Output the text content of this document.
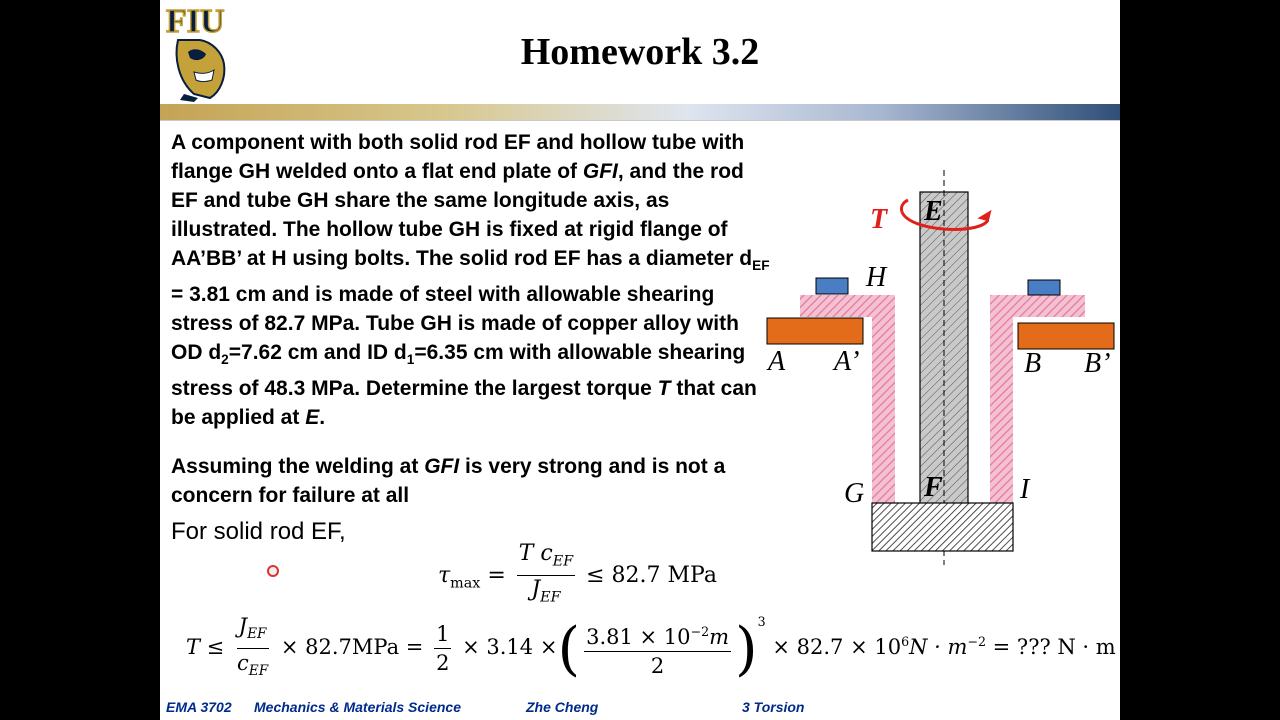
FIU
Homework 3.2

A component with both solid rod EF and hollow tube with flange GH welded onto a flat end plate of GFI, and the rod EF and tube GH share the same longitude axis, as illustrated. The hollow tube GH is fixed at rigid flange of AA’BB’ at H using bolts. The solid rod EF has a diameter $d_{EF} = 3.81$ cm and is made of steel with allowable shearing stress of 82.7 MPa. Tube GH is made of copper alloy with OD $d_2=7.62$ cm and ID $d_1=6.35$ cm with allowable shearing stress of 48.3 MPa. Determine the largest torque T that can be applied at E.

Assuming the welding at GFI is very strong and is not a concern for failure at all

For solid rod EF,
$\tau_{max} = \frac{T c_{EF}}{J_{EF}} \le 82.7$ MPa
$T \le \frac{J_{EF}}{c_{EF}} \times 82.7MPa = \frac{1}{2} \times 3.14$ ×( $\frac{3.81 \times 10^{-2}m}{2} )^3 \times 82.7 \times 10^6N \cdot m^{-2}$ = ??? N · m
T E
H
A A’	B B’
G F	I
EMA 3702 Mechanics & Materials Science	Zhe Cheng	3 Torsion
